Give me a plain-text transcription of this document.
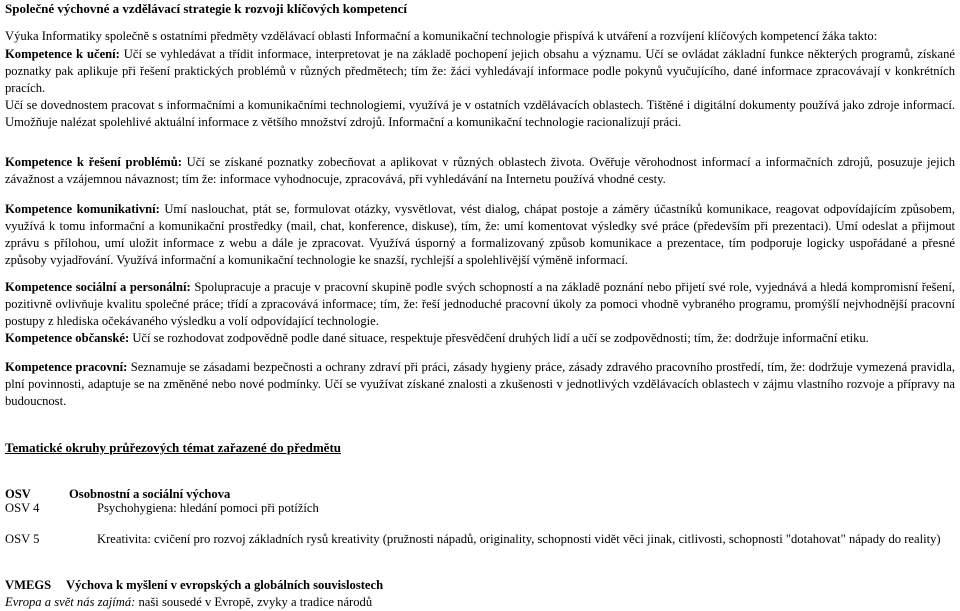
Společné výchovné a vzdělávací strategie k rozvoji klíčových kompetencí
Výuka Informatiky společně s ostatními předměty vzdělávací oblasti Informační a komunikační technologie přispívá k utváření a rozvíjení klíčových kompetencí žáka takto:
Kompetence k učení: Učí se vyhledávat a třídit informace, interpretovat je na základě pochopení jejich obsahu a významu. Učí se ovládat základní funkce některých programů, získané poznatky pak aplikuje při řešení praktických problémů v různých předmětech; tím že: žáci vyhledávají informace podle pokynů vyučujícího, dané informace zpracovávají v konkrétních pracích.
Učí se dovednostem pracovat s informačními a komunikačními technologiemi, využívá je v ostatních vzdělávacích oblastech. Tištěné i digitální dokumenty používá jako zdroje informací. Umožňuje nalézat spolehlivé aktuální informace z většího množství zdrojů. Informační a komunikační technologie racionalizují práci.
Kompetence k řešení problémů: Učí se získané poznatky zobecňovat a aplikovat v různých oblastech života. Ověřuje věrohodnost informací a informačních zdrojů, posuzuje jejich závažnost a vzájemnou návaznost; tím že: informace vyhodnocuje, zpracovává, při vyhledávání na Internetu používá vhodné cesty.
Kompetence komunikativní: Umí naslouchat, ptát se, formulovat otázky, vysvětlovat, vést dialog, chápat postoje a záměry účastníků komunikace, reagovat odpovídajícím způsobem, využívá k tomu informační a komunikační prostředky (mail, chat, konference, diskuse), tím, že: umí komentovat výsledky své práce (především při prezentaci). Umí odeslat a přijmout zprávu s přílohou, umí uložit informace z webu a dále je zpracovat. Využívá úsporný a formalizovaný způsob komunikace a prezentace, tím podporuje logicky uspořádané a přesné způsoby vyjadřování. Využívá informační a komunikační technologie ke snazší, rychlejší a spolehlivější výměně informací.
Kompetence sociální a personální: Spolupracuje a pracuje v pracovní skupině podle svých schopností a na základě poznání nebo přijetí své role, vyjednává a hledá kompromisní řešení, pozitivně ovlivňuje kvalitu společné práce; třídí a zpracovává informace; tím, že: řeší jednoduché pracovní úkoly za pomoci vhodně vybraného programu, promýšlí nejvhodnější pracovní postupy z hlediska očekávaného výsledku a volí odpovídající technologie.
Kompetence občanské: Učí se rozhodovat zodpovědně podle dané situace, respektuje přesvědčení druhých lidí a učí se zodpovědnosti; tím, že: dodržuje informační etiku.
Kompetence pracovní: Seznamuje se zásadami bezpečnosti a ochrany zdraví při práci, zásady hygieny práce, zásady zdravého pracovního prostředí, tím, že: dodržuje vymezená pravidla, plní povinnosti, adaptuje se na změněné nebo nové podmínky. Učí se využívat získané znalosti a zkušenosti v jednotlivých vzdělávacích oblastech v zájmu vlastního rozvoje a přípravy na budoucnost.
Tematické okruhy průřezových témat zařazené do předmětu
OSV	Osobnostní a sociální výchova
OSV 4	Psychohygiena: hledání pomoci při potížích
OSV 5	Kreativita: cvičení pro rozvoj základních rysů kreativity (pružnosti nápadů, originality, schopnosti vidět věci jinak, citlivosti, schopnosti "dotahovat" nápady do reality)
VMEGS Výchova k myšlení v evropských a globálních souvislostech
Evropa a svět nás zajímá: naši sousedé v Evropě, zvyky a tradice národů
